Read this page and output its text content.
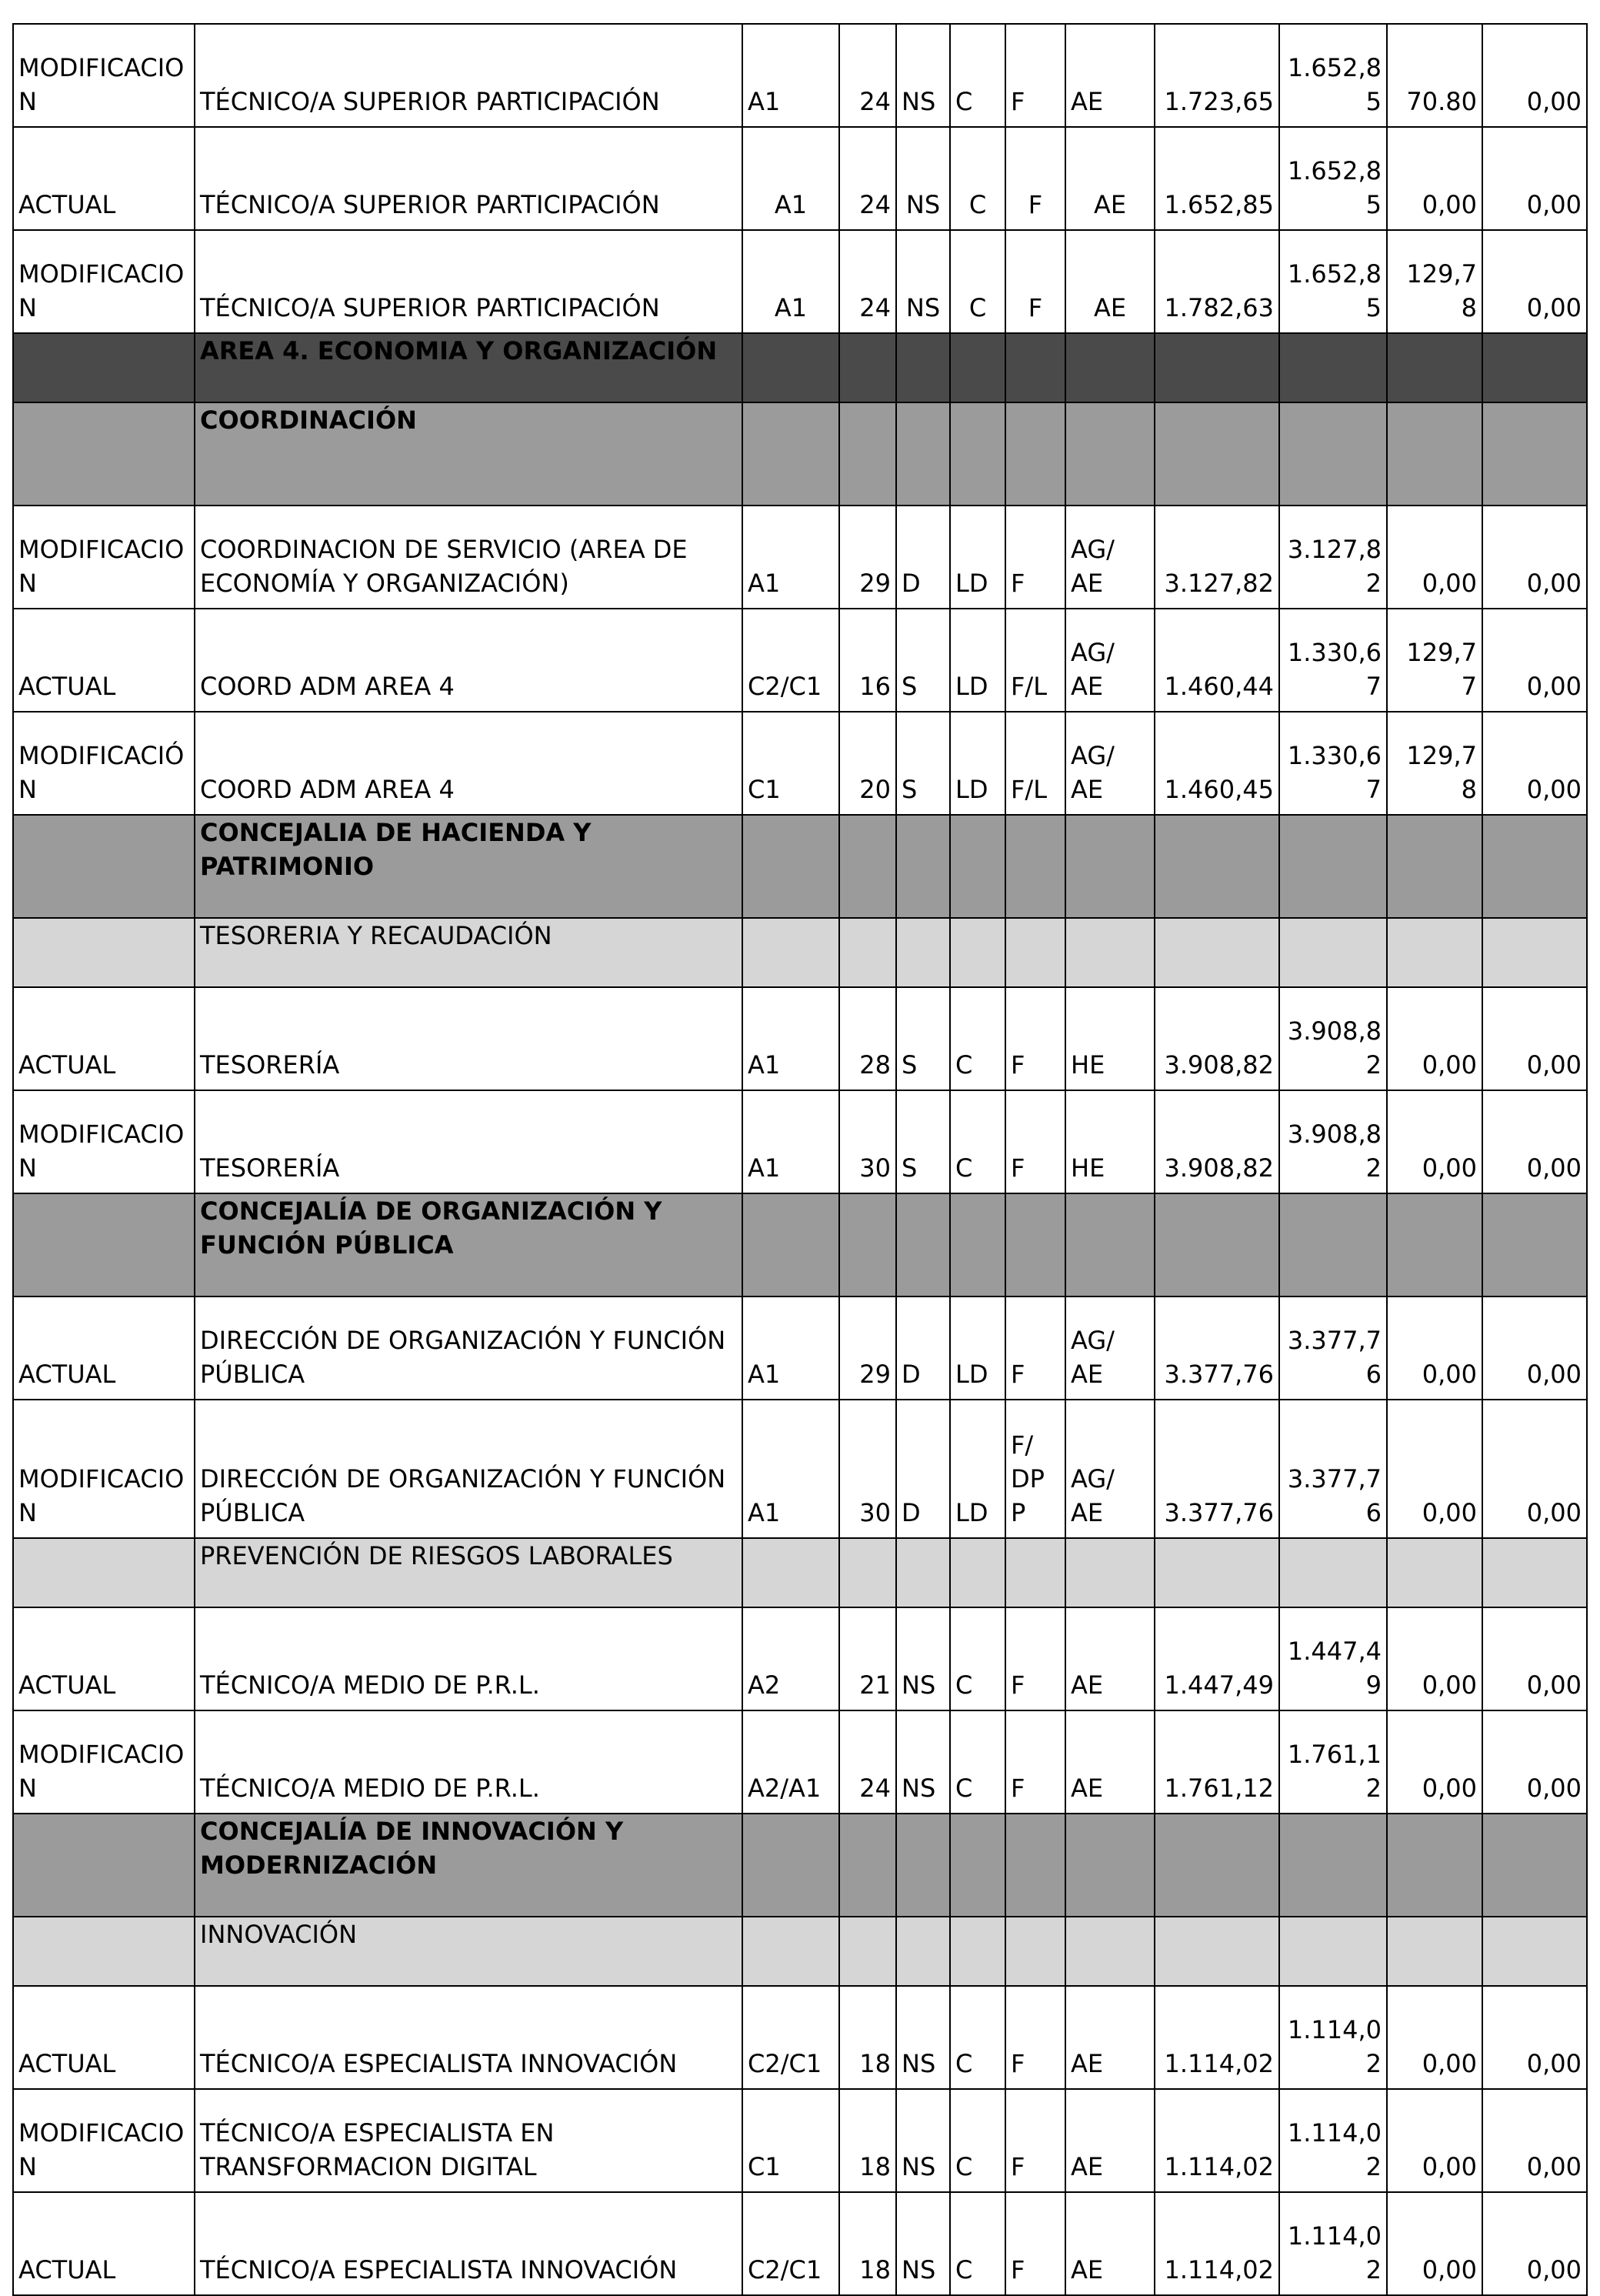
MODIFICACION	TÉCNICO/A SUPERIOR PARTICIPACIÓN	A1	24	NS	C	F	AE	1.723,65	1.652,85	70.80	0,00
ACTUAL	TÉCNICO/A SUPERIOR PARTICIPACIÓN	A1	24	NS	C	F	AE	1.652,85	1.652,85	0,00	0,00
MODIFICACION	TÉCNICO/A SUPERIOR PARTICIPACIÓN	A1	24	NS	C	F	AE	1.782,63	1.652,85	129,78	0,00
	AREA 4. ECONOMIA Y ORGANIZACIÓN										
	COORDINACIÓN										
MODIFICACION	COORDINACION DE SERVICIO (AREA DE ECONOMÍA Y ORGANIZACIÓN)	A1	29	D	LD	F	AG/ AE	3.127,82	3.127,82	0,00	0,00
ACTUAL	COORD ADM AREA 4	C2/C1	16	S	LD	F/L	AG/ AE	1.460,44	1.330,67	129,77	0,00
MODIFICACIÓN	COORD ADM AREA 4	C1	20	S	LD	F/L	AG/ AE	1.460,45	1.330,67	129,78	0,00
	CONCEJALIA DE HACIENDA Y PATRIMONIO										
	TESORERIA Y RECAUDACIÓN										
ACTUAL	TESORERÍA	A1	28	S	C	F	HE	3.908,82	3.908,82	0,00	0,00
MODIFICACION	TESORERÍA	A1	30	S	C	F	HE	3.908,82	3.908,82	0,00	0,00
	CONCEJALÍA DE ORGANIZACIÓN Y FUNCIÓN PÚBLICA										
ACTUAL	DIRECCIÓN DE ORGANIZACIÓN Y FUNCIÓN PÚBLICA	A1	29	D	LD	F	AG/ AE	3.377,76	3.377,76	0,00	0,00
MODIFICACION	DIRECCIÓN DE ORGANIZACIÓN Y FUNCIÓN PÚBLICA	A1	30	D	LD	F/ DP P	AG/ AE	3.377,76	3.377,76	0,00	0,00
	PREVENCIÓN DE RIESGOS LABORALES										
ACTUAL	TÉCNICO/A MEDIO DE P.R.L.	A2	21	NS	C	F	AE	1.447,49	1.447,49	0,00	0,00
MODIFICACION	TÉCNICO/A MEDIO DE P.R.L.	A2/A1	24	NS	C	F	AE	1.761,12	1.761,12	0,00	0,00
	CONCEJALÍA DE INNOVACIÓN Y MODERNIZACIÓN										
	INNOVACIÓN										
ACTUAL	TÉCNICO/A ESPECIALISTA INNOVACIÓN	C2/C1	18	NS	C	F	AE	1.114,02	1.114,02	0,00	0,00
MODIFICACION	TÉCNICO/A ESPECIALISTA EN TRANSFORMACION DIGITAL	C1	18	NS	C	F	AE	1.114,02	1.114,02	0,00	0,00
ACTUAL	TÉCNICO/A ESPECIALISTA INNOVACIÓN	C2/C1	18	NS	C	F	AE	1.114,02	1.114,02	0,00	0,00
